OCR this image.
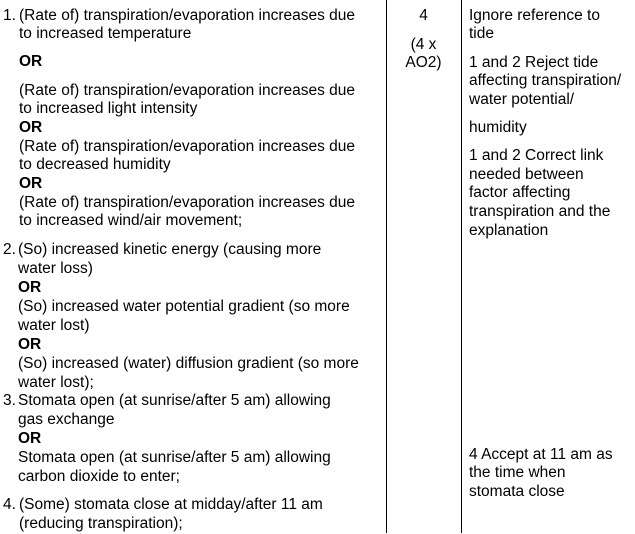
1. (Rate of) transpiration/evaporation increases due
to increased temperature
OR
(Rate of) transpiration/evaporation increases due
to increased light intensity
OR
(Rate of) transpiration/evaporation increases due
to decreased humidity
OR
(Rate of) transpiration/evaporation increases due
to increased wind/air movement;
2. (So) increased kinetic energy (causing more
water loss)
OR
(So) increased water potential gradient (so more
water lost)
OR
(So) increased (water) diffusion gradient (so more
water lost);
3. Stomata open (at sunrise/after 5 am) allowing
gas exchange
OR
Stomata open (at sunrise/after 5 am) allowing
carbon dioxide to enter;
4. (Some) stomata close at midday/after 11 am
(reducing transpiration);
4
(4 x
AO2)
Ignore reference to
tide
1 and 2 Reject tide
affecting transpiration/
water potential/
humidity
1 and 2 Correct link
needed between
factor affecting
transpiration and the
explanation
4 Accept at 11 am as
the time when
stomata close
